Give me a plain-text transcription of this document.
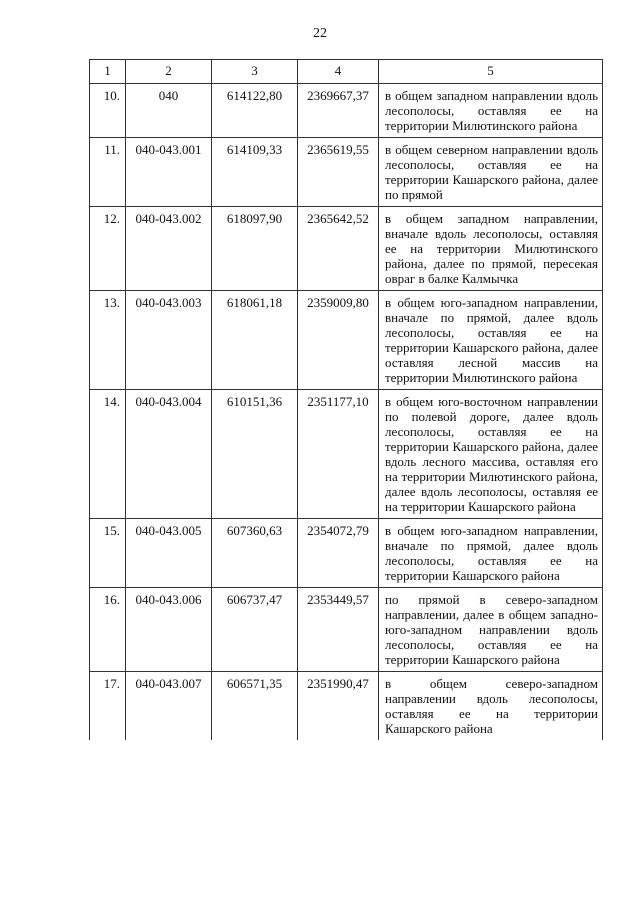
22
1	2	3	4	5
10.	040	614122,80	2369667,37	в общем западном направлении вдоль лесополосы, оставляя ее на территории Милютинского района
11.	040-043.001	614109,33	2365619,55	в общем северном направлении вдоль лесополосы, оставляя ее на территории Кашарского района, далее по прямой
12.	040-043.002	618097,90	2365642,52	в общем западном направлении, вначале вдоль лесополосы, оставляя ее на территории Милютинского района, далее по прямой, пересекая овраг в балке Калмычка
13.	040-043.003	618061,18	2359009,80	в общем юго-западном направлении, вначале по прямой, далее вдоль лесополосы, оставляя ее на территории Кашарского района, далее оставляя лесной массив на территории Милютинского района
14.	040-043.004	610151,36	2351177,10	в общем юго-восточном направлении по полевой дороге, далее вдоль лесополосы, оставляя ее на территории Кашарского района, далее вдоль лесного массива, оставляя его на территории Милютинского района, далее вдоль лесополосы, оставляя ее на территории Кашарского района
15.	040-043.005	607360,63	2354072,79	в общем юго-западном направлении, вначале по прямой, далее вдоль лесополосы, оставляя ее на территории Кашарского района
16.	040-043.006	606737,47	2353449,57	по прямой в северо-западном направлении, далее в общем западно-юго-западном направлении вдоль лесополосы, оставляя ее на территории Кашарского района
17.	040-043.007	606571,35	2351990,47	в общем северо-западном направлении вдоль лесополосы, оставляя ее на территории Кашарского района
